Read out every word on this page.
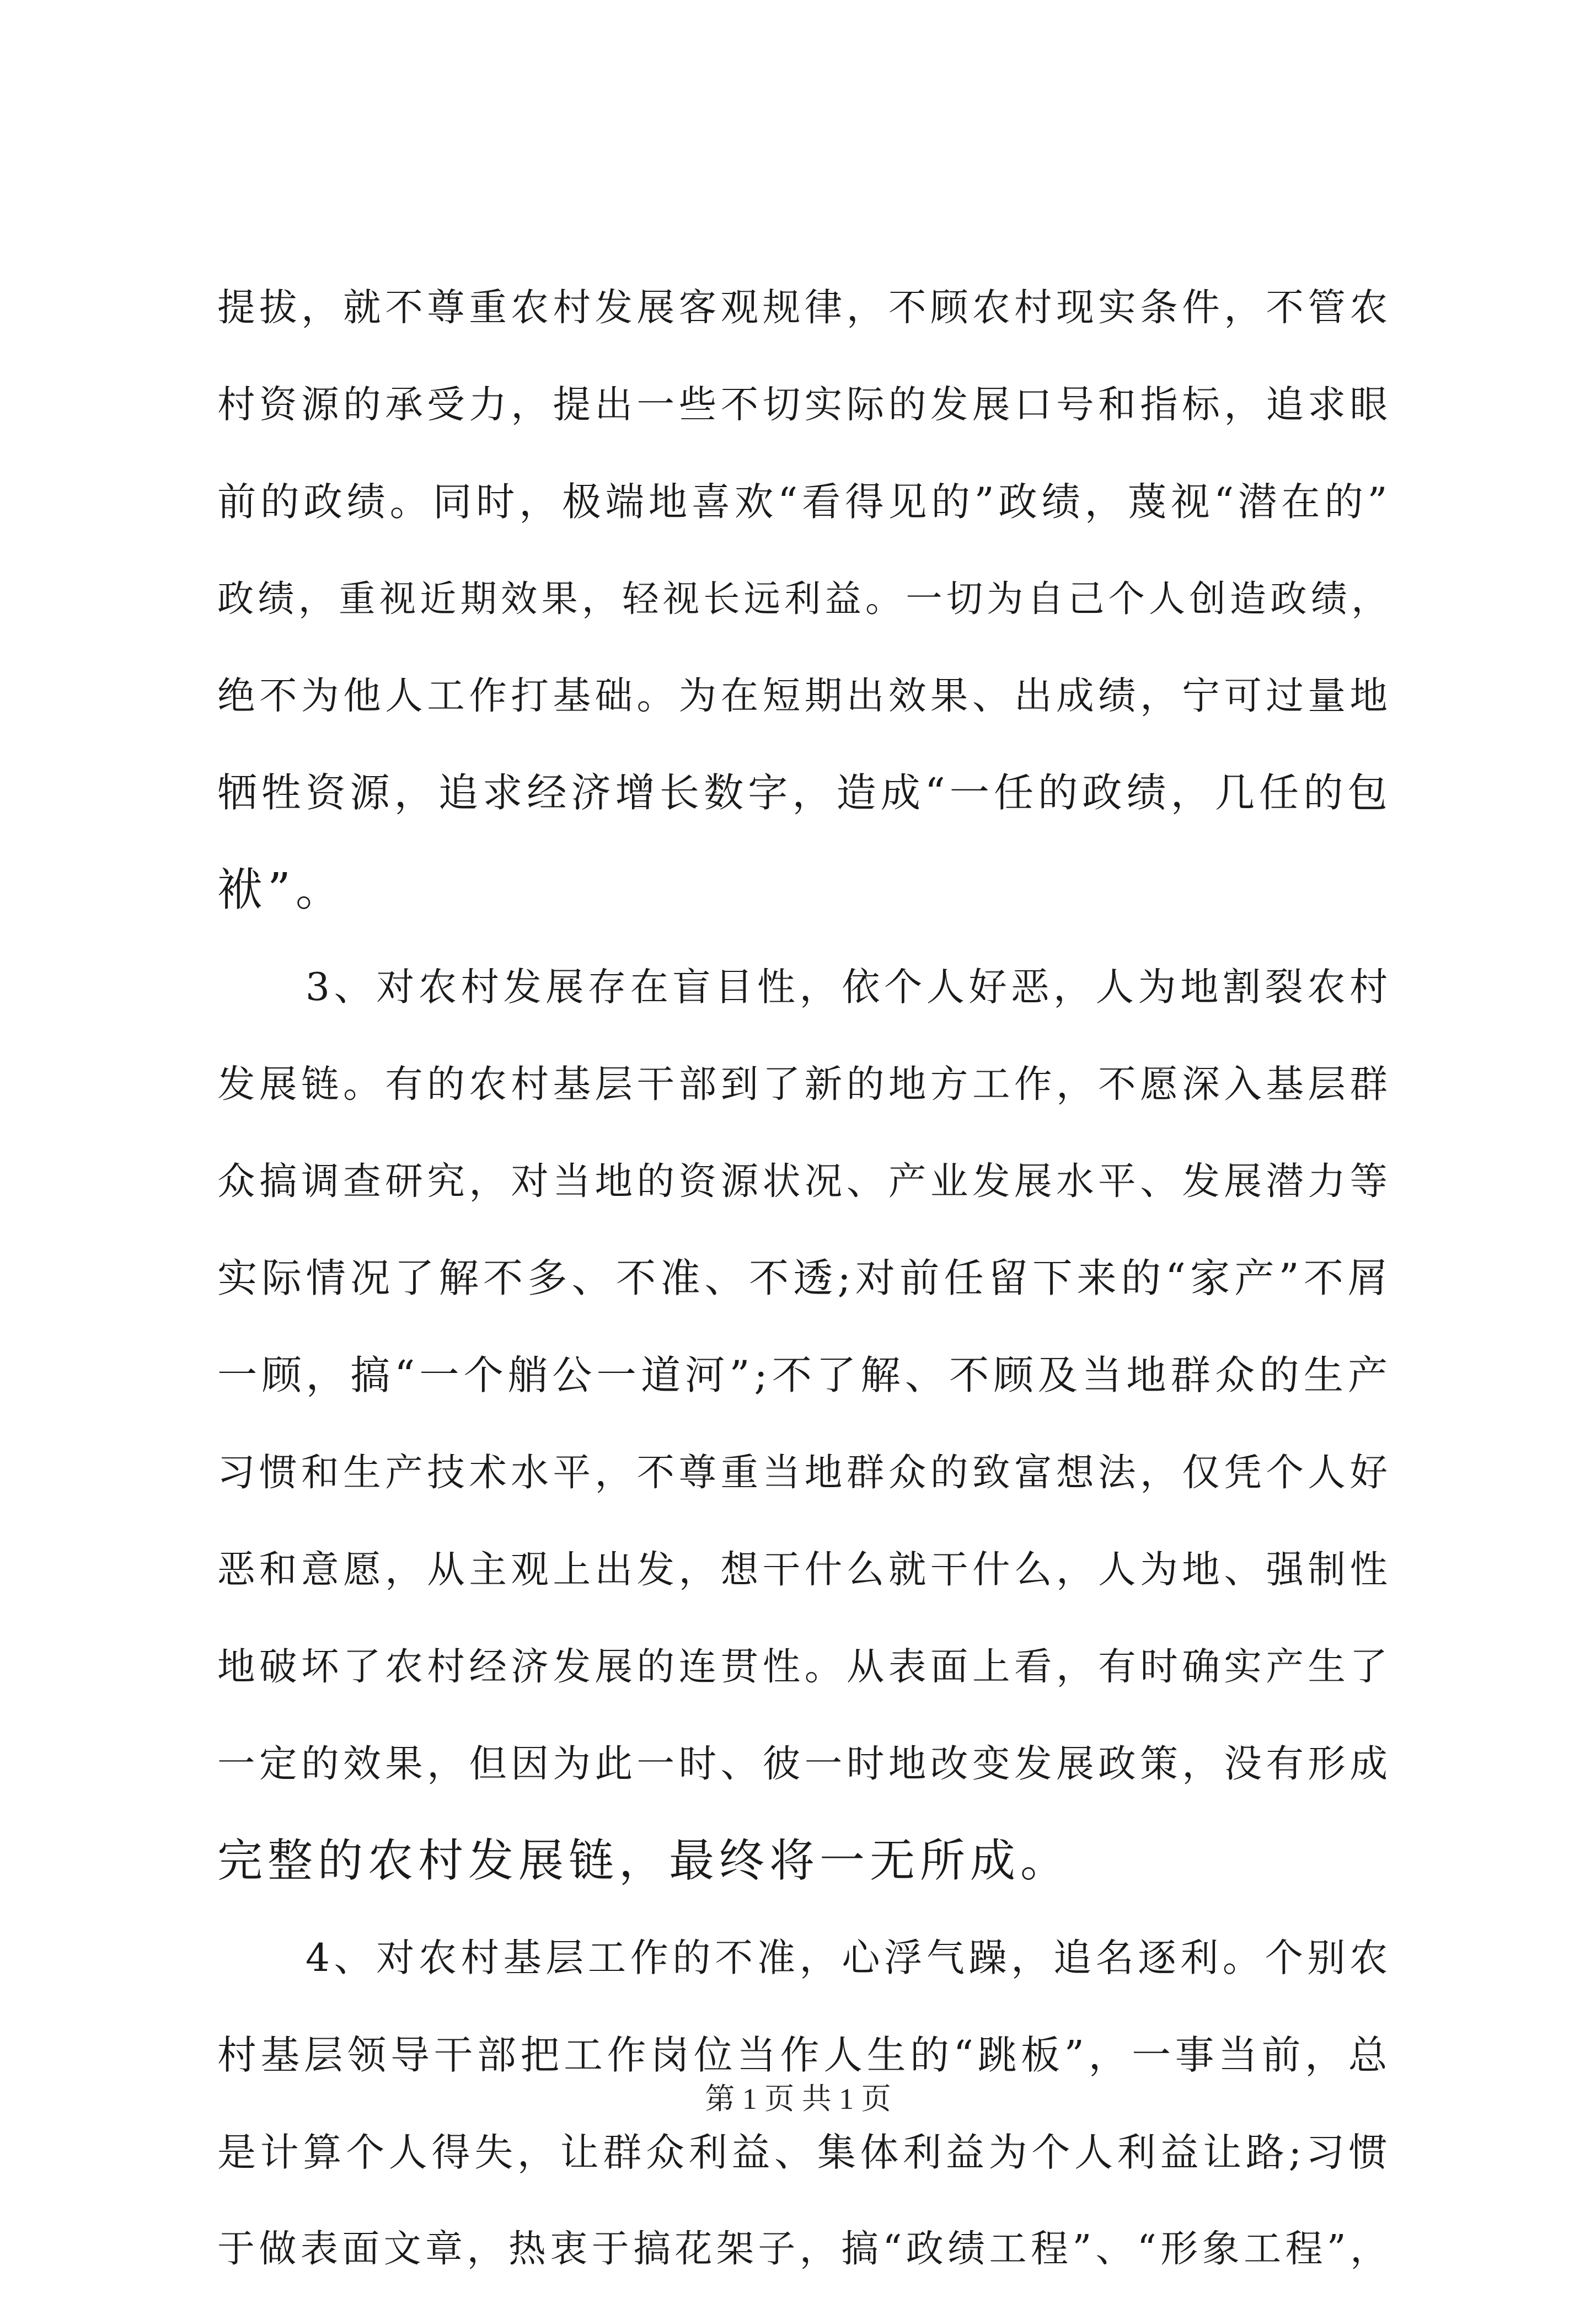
提拔，就不尊重农村发展客观规律，不顾农村现实条件，不管农
村资源的承受力，提出一些不切实际的发展口号和指标，追求眼
前的政绩。同时，极端地喜欢“看得见的”政绩，蔑视“潜在的”
政绩，重视近期效果，轻视长远利益。一切为自己个人创造政绩，
绝不为他人工作打基础。为在短期出效果、出成绩，宁可过量地
牺牲资源，追求经济增长数字，造成“一任的政绩，几任的包
袱”。
3、对农村发展存在盲目性，依个人好恶，人为地割裂农村
发展链。有的农村基层干部到了新的地方工作，不愿深入基层群
众搞调查研究，对当地的资源状况、产业发展水平、发展潜力等
实际情况了解不多、不准、不透;对前任留下来的“家产”不屑
一顾，搞“一个艄公一道河”;不了解、不顾及当地群众的生产
习惯和生产技术水平，不尊重当地群众的致富想法，仅凭个人好
恶和意愿，从主观上出发，想干什么就干什么，人为地、强制性
地破坏了农村经济发展的连贯性。从表面上看，有时确实产生了
一定的效果，但因为此一时、彼一时地改变发展政策，没有形成
完整的农村发展链，最终将一无所成。
4、对农村基层工作的不准，心浮气躁，追名逐利。个别农
村基层领导干部把工作岗位当作人生的“跳板”，一事当前，总
是计算个人得失，让群众利益、集体利益为个人利益让路;习惯
于做表面文章，热衷于搞花架子，搞“政绩工程”、“形象工程”，
第 1 页 共 1 页
